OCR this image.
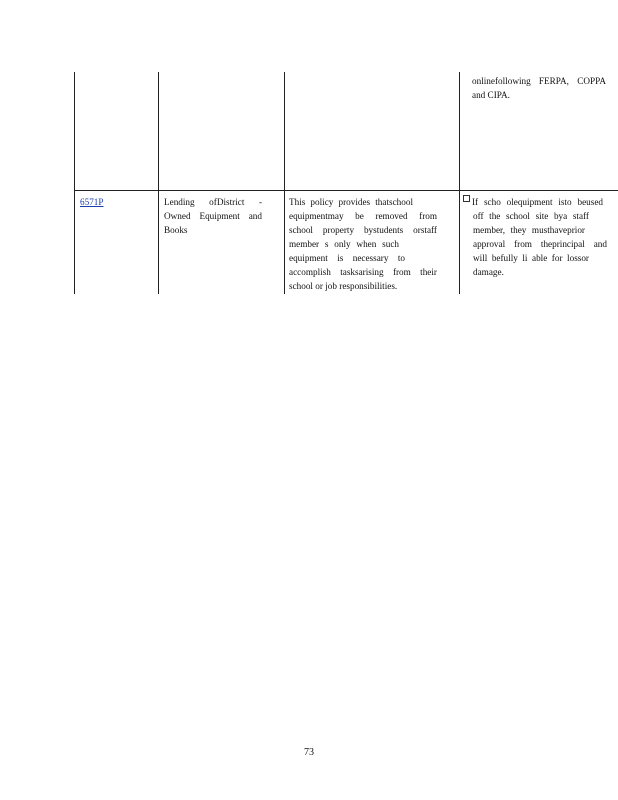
onlinefollowing FERPA, COPPA
and CIPA.
6571P	Lending ofDistrict -
Owned Equipment and
Books
This policy provides thatschool
equipmentmay be removed from
school property bystudents orstaff
member s only when such
equipment is necessary to
accomplish tasksarising from their
school or job responsibilities.
If scho olequipment isto beused
off the school site bya staff
member, they musthaveprior
approval from theprincipal and
will befully li able for lossor
damage.
73
